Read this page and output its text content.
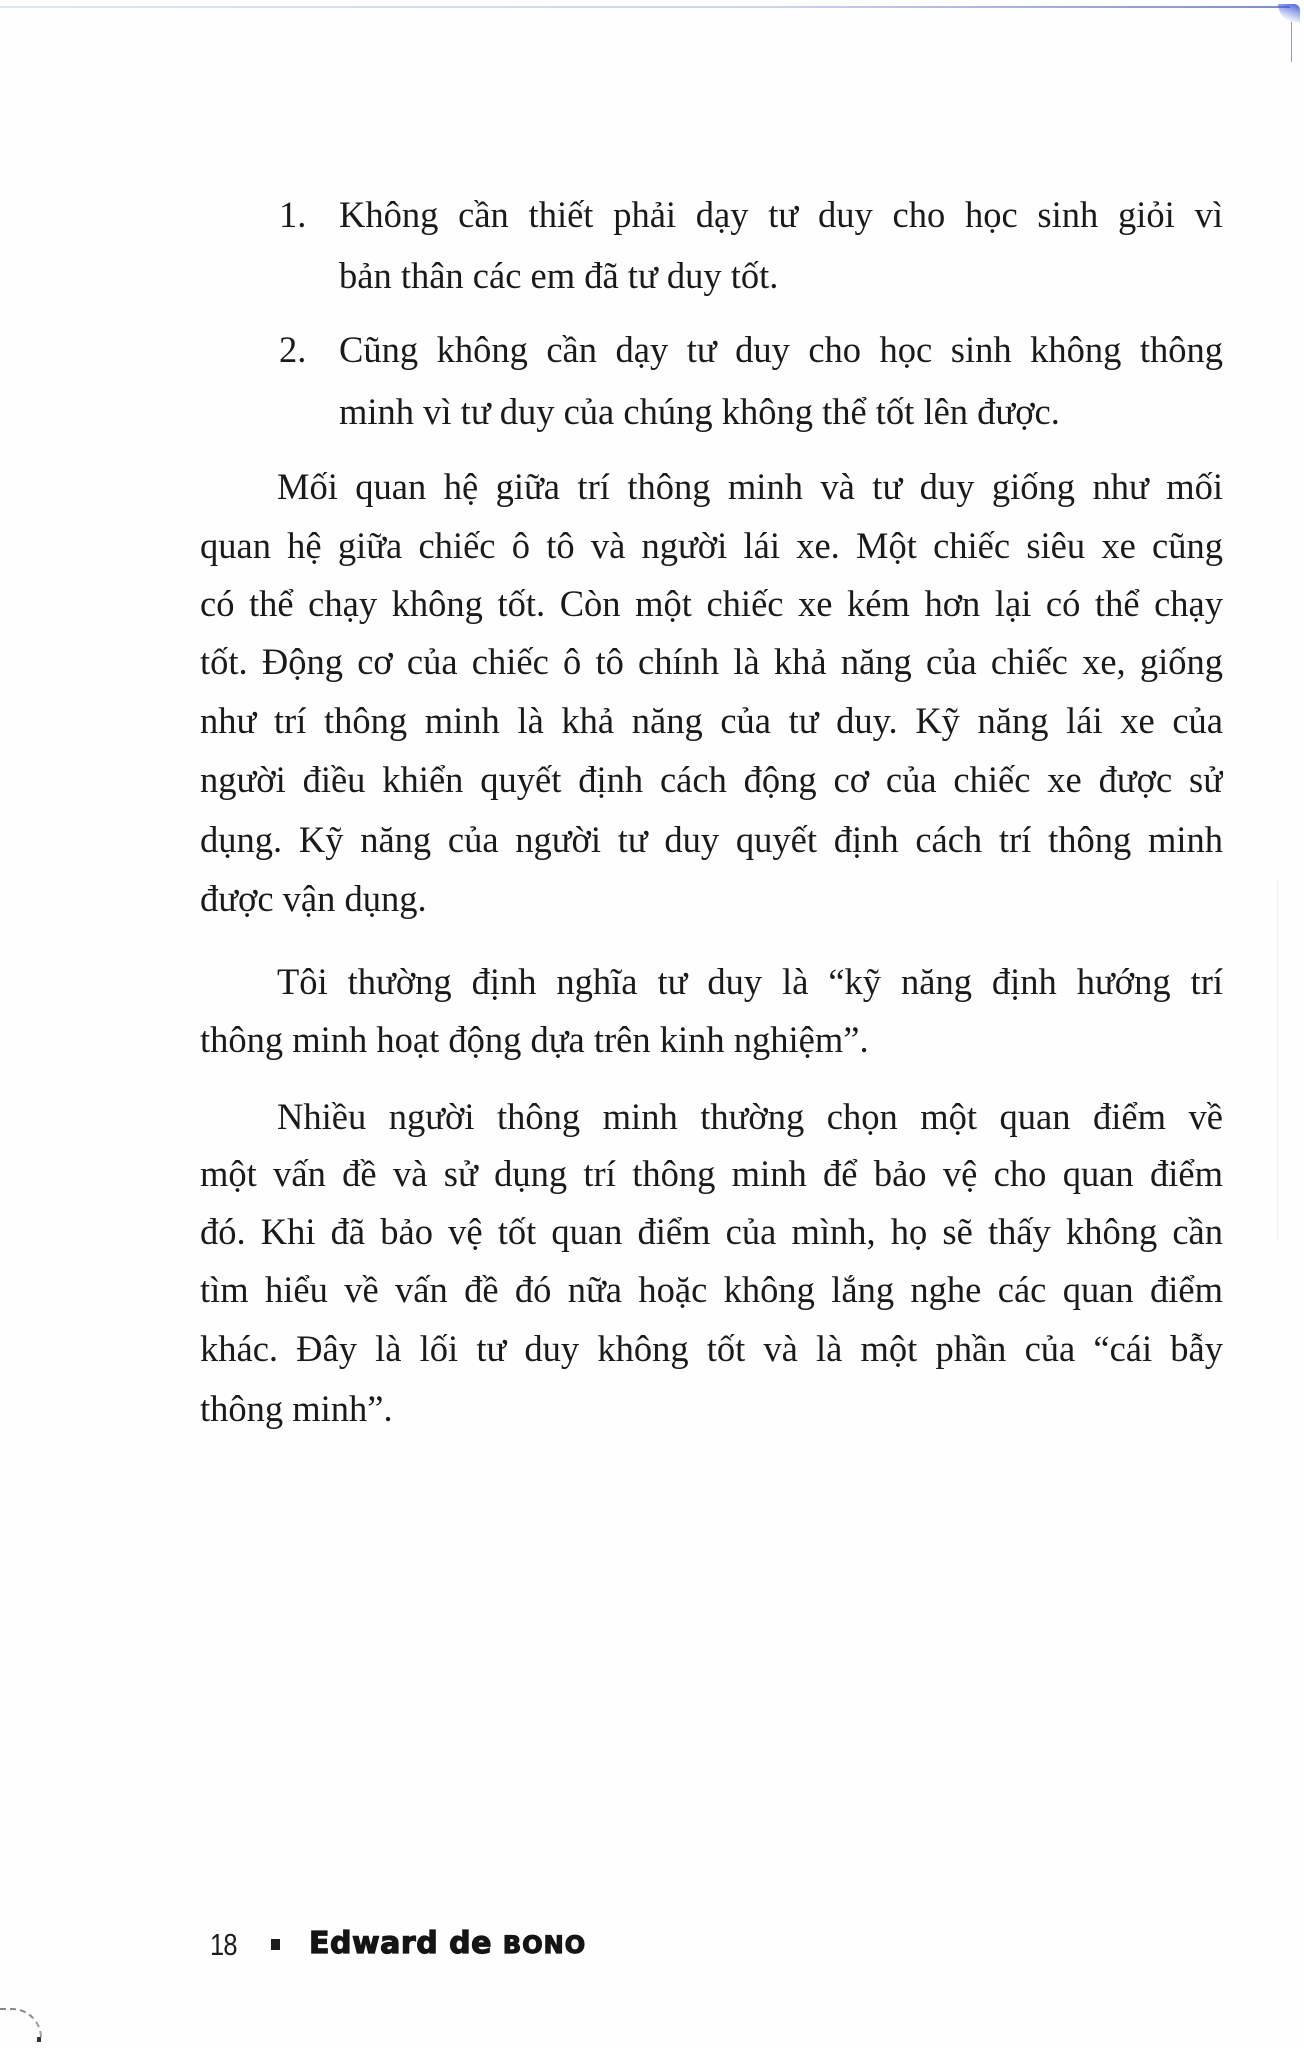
1. Không cần thiết phải dạy tư duy cho học sinh giỏi vì
bản thân các em đã tư duy tốt.
2. Cũng không cần dạy tư duy cho học sinh không thông
minh vì tư duy của chúng không thể tốt lên được.
Mối quan hệ giữa trí thông minh và tư duy giống như mối
quan hệ giữa chiếc ô tô và người lái xe. Một chiếc siêu xe cũng
có thể chạy không tốt. Còn một chiếc xe kém hơn lại có thể chạy
tốt. Động cơ của chiếc ô tô chính là khả năng của chiếc xe, giống
như trí thông minh là khả năng của tư duy. Kỹ năng lái xe của
người điều khiển quyết định cách động cơ của chiếc xe được sử
dụng. Kỹ năng của người tư duy quyết định cách trí thông minh
được vận dụng.
Tôi thường định nghĩa tư duy là “kỹ năng định hướng trí
thông minh hoạt động dựa trên kinh nghiệm”.
Nhiều người thông minh thường chọn một quan điểm về
một vấn đề và sử dụng trí thông minh để bảo vệ cho quan điểm
đó. Khi đã bảo vệ tốt quan điểm của mình, họ sẽ thấy không cần
tìm hiểu về vấn đề đó nữa hoặc không lắng nghe các quan điểm
khác. Đây là lối tư duy không tốt và là một phần của “cái bẫy
thông minh”.
18 Edward de BONO
